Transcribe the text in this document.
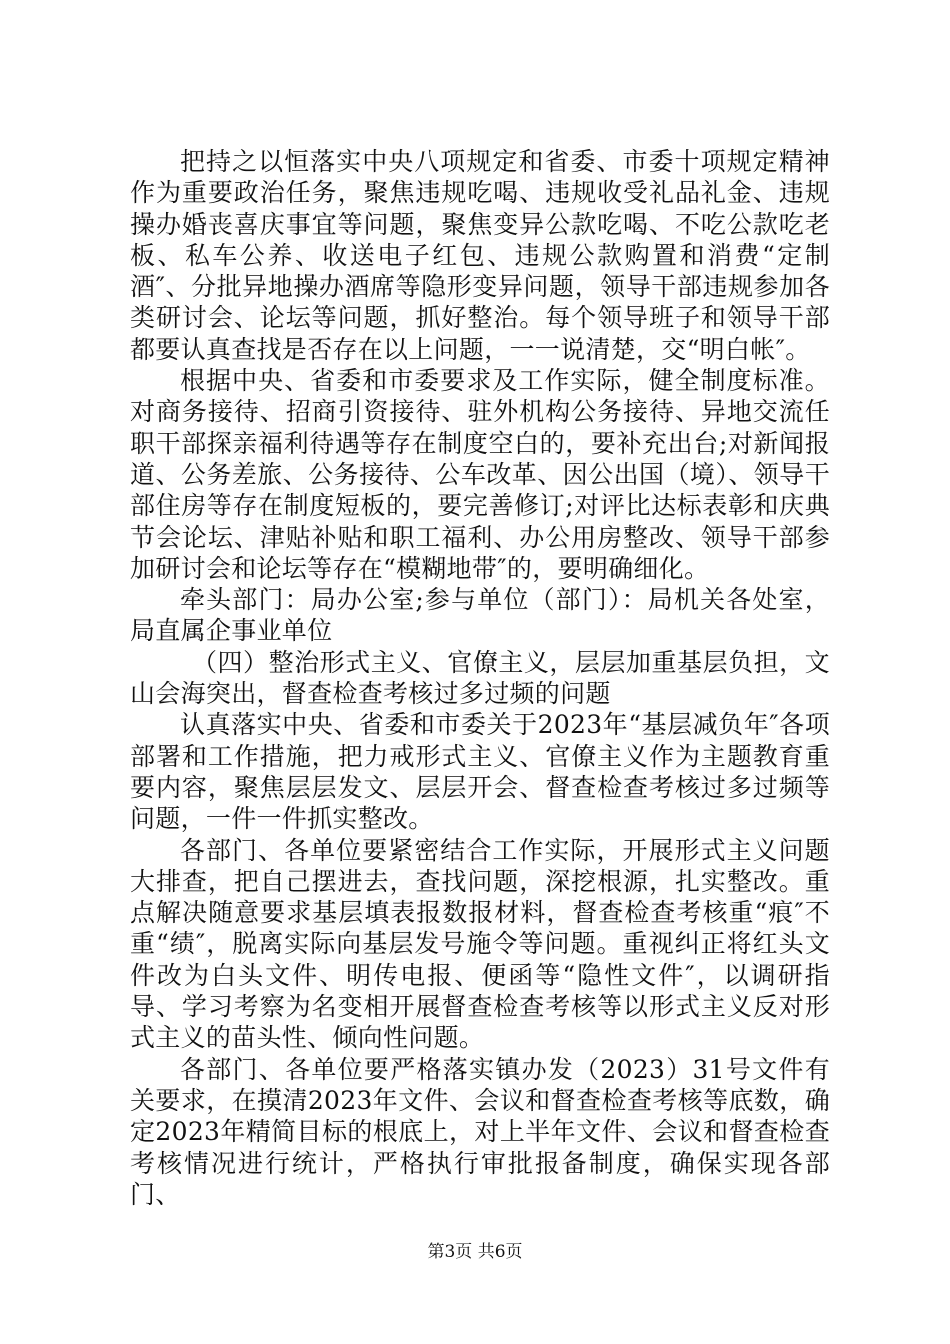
把持之以恒落实中央八项规定和省委、市委十项规定精神作为重要政治任务，聚焦违规吃喝、违规收受礼品礼金、违规操办婚丧喜庆事宜等问题，聚焦变异公款吃喝、不吃公款吃老板、私车公养、收送电子红包、违规公款购置和消费“定制酒″、分批异地操办酒席等隐形变异问题，领导干部违规参加各类研讨会、论坛等问题，抓好整治。每个领导班子和领导干部都要认真查找是否存在以上问题，一一说清楚，交“明白帐″。

根据中央、省委和市委要求及工作实际，健全制度标准。对商务接待、招商引资接待、驻外机构公务接待、异地交流任职干部探亲福利待遇等存在制度空白的，要补充出台;对新闻报道、公务差旅、公务接待、公车改革、因公出国（境）、领导干部住房等存在制度短板的，要完善修订;对评比达标表彰和庆典节会论坛、津贴补贴和职工福利、办公用房整改、领导干部参加研讨会和论坛等存在“模糊地带″的，要明确细化。

牵头部门：局办公室;参与单位（部门）：局机关各处室，局直属企事业单位

（四）整治形式主义、官僚主义，层层加重基层负担，文山会海突出，督查检查考核过多过频的问题

认真落实中央、省委和市委关于2023年“基层减负年″各项部署和工作措施，把力戒形式主义、官僚主义作为主题教育重要内容，聚焦层层发文、层层开会、督查检查考核过多过频等问题，一件一件抓实整改。

各部门、各单位要紧密结合工作实际，开展形式主义问题大排查，把自己摆进去，查找问题，深挖根源，扎实整改。重点解决随意要求基层填表报数报材料，督查检查考核重“痕″不重“绩″，脱离实际向基层发号施令等问题。重视纠正将红头文件改为白头文件、明传电报、便函等“隐性文件″，以调研指导、学习考察为名变相开展督查检查考核等以形式主义反对形式主义的苗头性、倾向性问题。

各部门、各单位要严格落实镇办发（2023）31号文件有关要求，在摸清2023年文件、会议和督查检查考核等底数，确定2023年精简目标的根底上，对上半年文件、会议和督查检查考核情况进行统计，严格执行审批报备制度，确保实现各部门、

第3页 共6页
